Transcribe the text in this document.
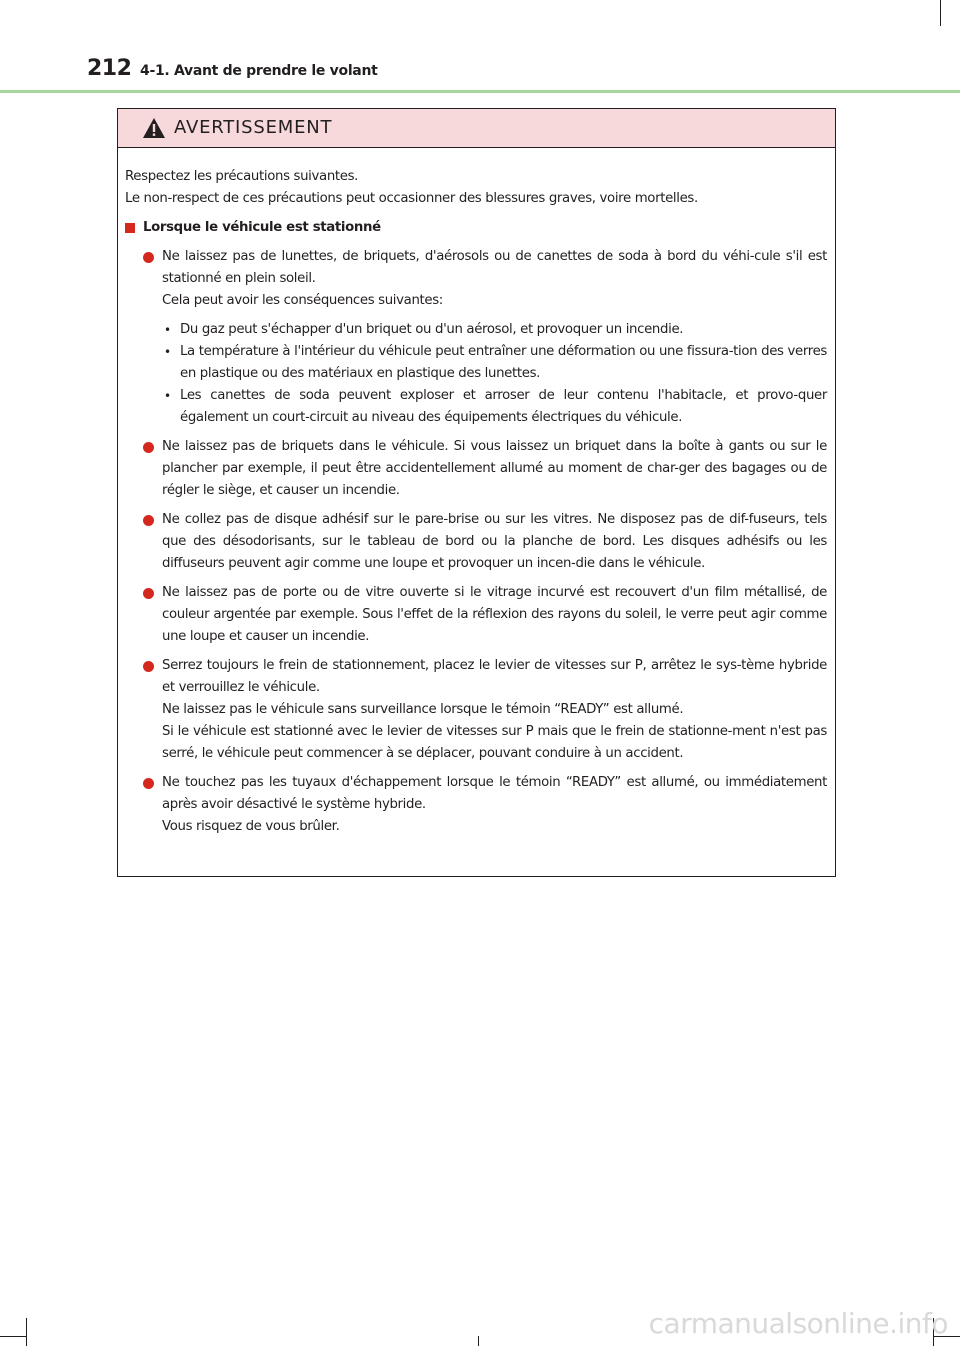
212 4-1. Avant de prendre le volant
AVERTISSEMENT
Respectez les précautions suivantes.
Le non-respect de ces précautions peut occasionner des blessures graves, voire mortelles.
Lorsque le véhicule est stationné

Ne laissez pas de lunettes, de briquets, d'aérosols ou de canettes de soda à bord du véhi-cule s'il est stationné en plein soleil.

Cela peut avoir les conséquences suivantes:

• Du gaz peut s'échapper d'un briquet ou d'un aérosol, et provoquer un incendie.
• La température à l'intérieur du véhicule peut entraîner une déformation ou une fissura-tion des verres en plastique ou des matériaux en plastique des lunettes.
• Les canettes de soda peuvent exploser et arroser de leur contenu l'habitacle, et provo-quer également un court-circuit au niveau des équipements électriques du véhicule.

Ne laissez pas de briquets dans le véhicule. Si vous laissez un briquet dans la boîte à gants ou sur le plancher par exemple, il peut être accidentellement allumé au moment de char-ger des bagages ou de régler le siège, et causer un incendie.

Ne collez pas de disque adhésif sur le pare-brise ou sur les vitres. Ne disposez pas de dif-fuseurs, tels que des désodorisants, sur le tableau de bord ou la planche de bord. Les disques adhésifs ou les diffuseurs peuvent agir comme une loupe et provoquer un incen-die dans le véhicule.

Ne laissez pas de porte ou de vitre ouverte si le vitrage incurvé est recouvert d'un film métallisé, de couleur argentée par exemple. Sous l'effet de la réflexion des rayons du soleil, le verre peut agir comme une loupe et causer un incendie.

Serrez toujours le frein de stationnement, placez le levier de vitesses sur P, arrêtez le sys-tème hybride et verrouillez le véhicule.

Ne laissez pas le véhicule sans surveillance lorsque le témoin “READY” est allumé.

Si le véhicule est stationné avec le levier de vitesses sur P mais que le frein de stationne-ment n'est pas serré, le véhicule peut commencer à se déplacer, pouvant conduire à un accident.

Ne touchez pas les tuyaux d'échappement lorsque le témoin “READY” est allumé, ou immédiatement après avoir désactivé le système hybride.

Vous risquez de vous brûler.

carmanualsonline.info
